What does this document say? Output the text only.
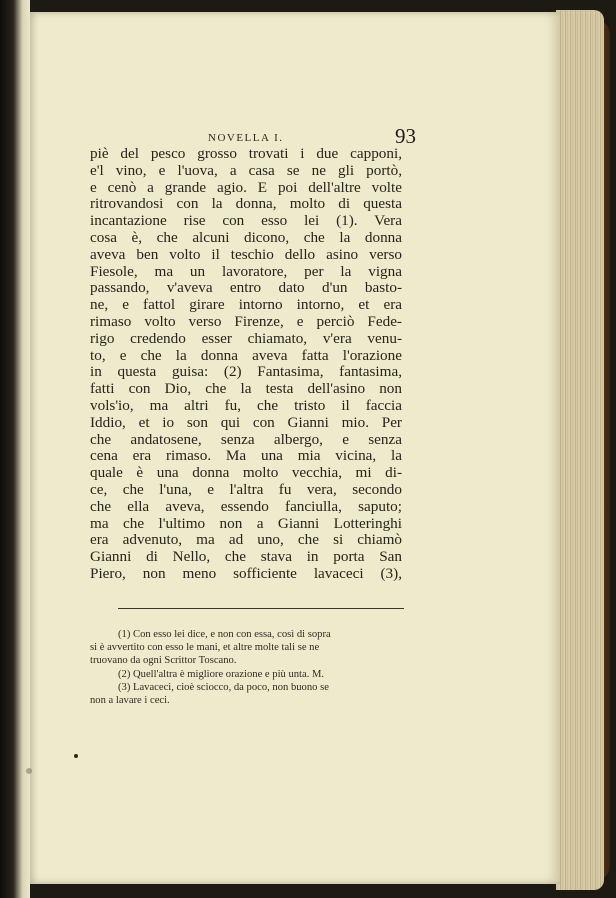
NOVELLA I.	93
piè del pesco grosso trovati i due capponi,
e'l vino, e l'uova, a casa se ne gli portò,
e cenò a grande agio. E poi dell'altre volte
ritrovandosi con la donna, molto di questa
incantazione rise con esso lei (1). Vera
cosa è, che alcuni dicono, che la donna
aveva ben volto il teschio dello asino verso
Fiesole, ma un lavoratore, per la vigna
passando, v'aveva entro dato d'un basto-
ne, e fattol girare intorno intorno, et era
rimaso volto verso Firenze, e perciò Fede-
rigo credendo esser chiamato, v'era venu-
to, e che la donna aveva fatta l'orazione
in questa guisa: (2) Fantasima, fantasima,
fatti con Dio, che la testa dell'asino non
vols'io, ma altri fu, che tristo il faccia
Iddio, et io son qui con Gianni mio. Per
che andatosene, senza albergo, e senza
cena era rimaso. Ma una mia vicina, la
quale è una donna molto vecchia, mi di-
ce, che l'una, e l'altra fu vera, secondo
che ella aveva, essendo fanciulla, saputo;
ma che l'ultimo non a Gianni Lotteringhi
era advenuto, ma ad uno, che si chiamò
Gianni di Nello, che stava in porta San
Piero, non meno sofficiente lavaceci (3),
(1) Con esso lei dice, e non con essa, così di sopra
si è avvertito con esso le mani, et altre molte tali se ne
truovano da ogni Scrittor Toscano.
(2) Quell'altra è migliore orazione e più unta. M.
(3) Lavaceci, cioè sciocco, da poco, non buono se
non a lavare i ceci.
